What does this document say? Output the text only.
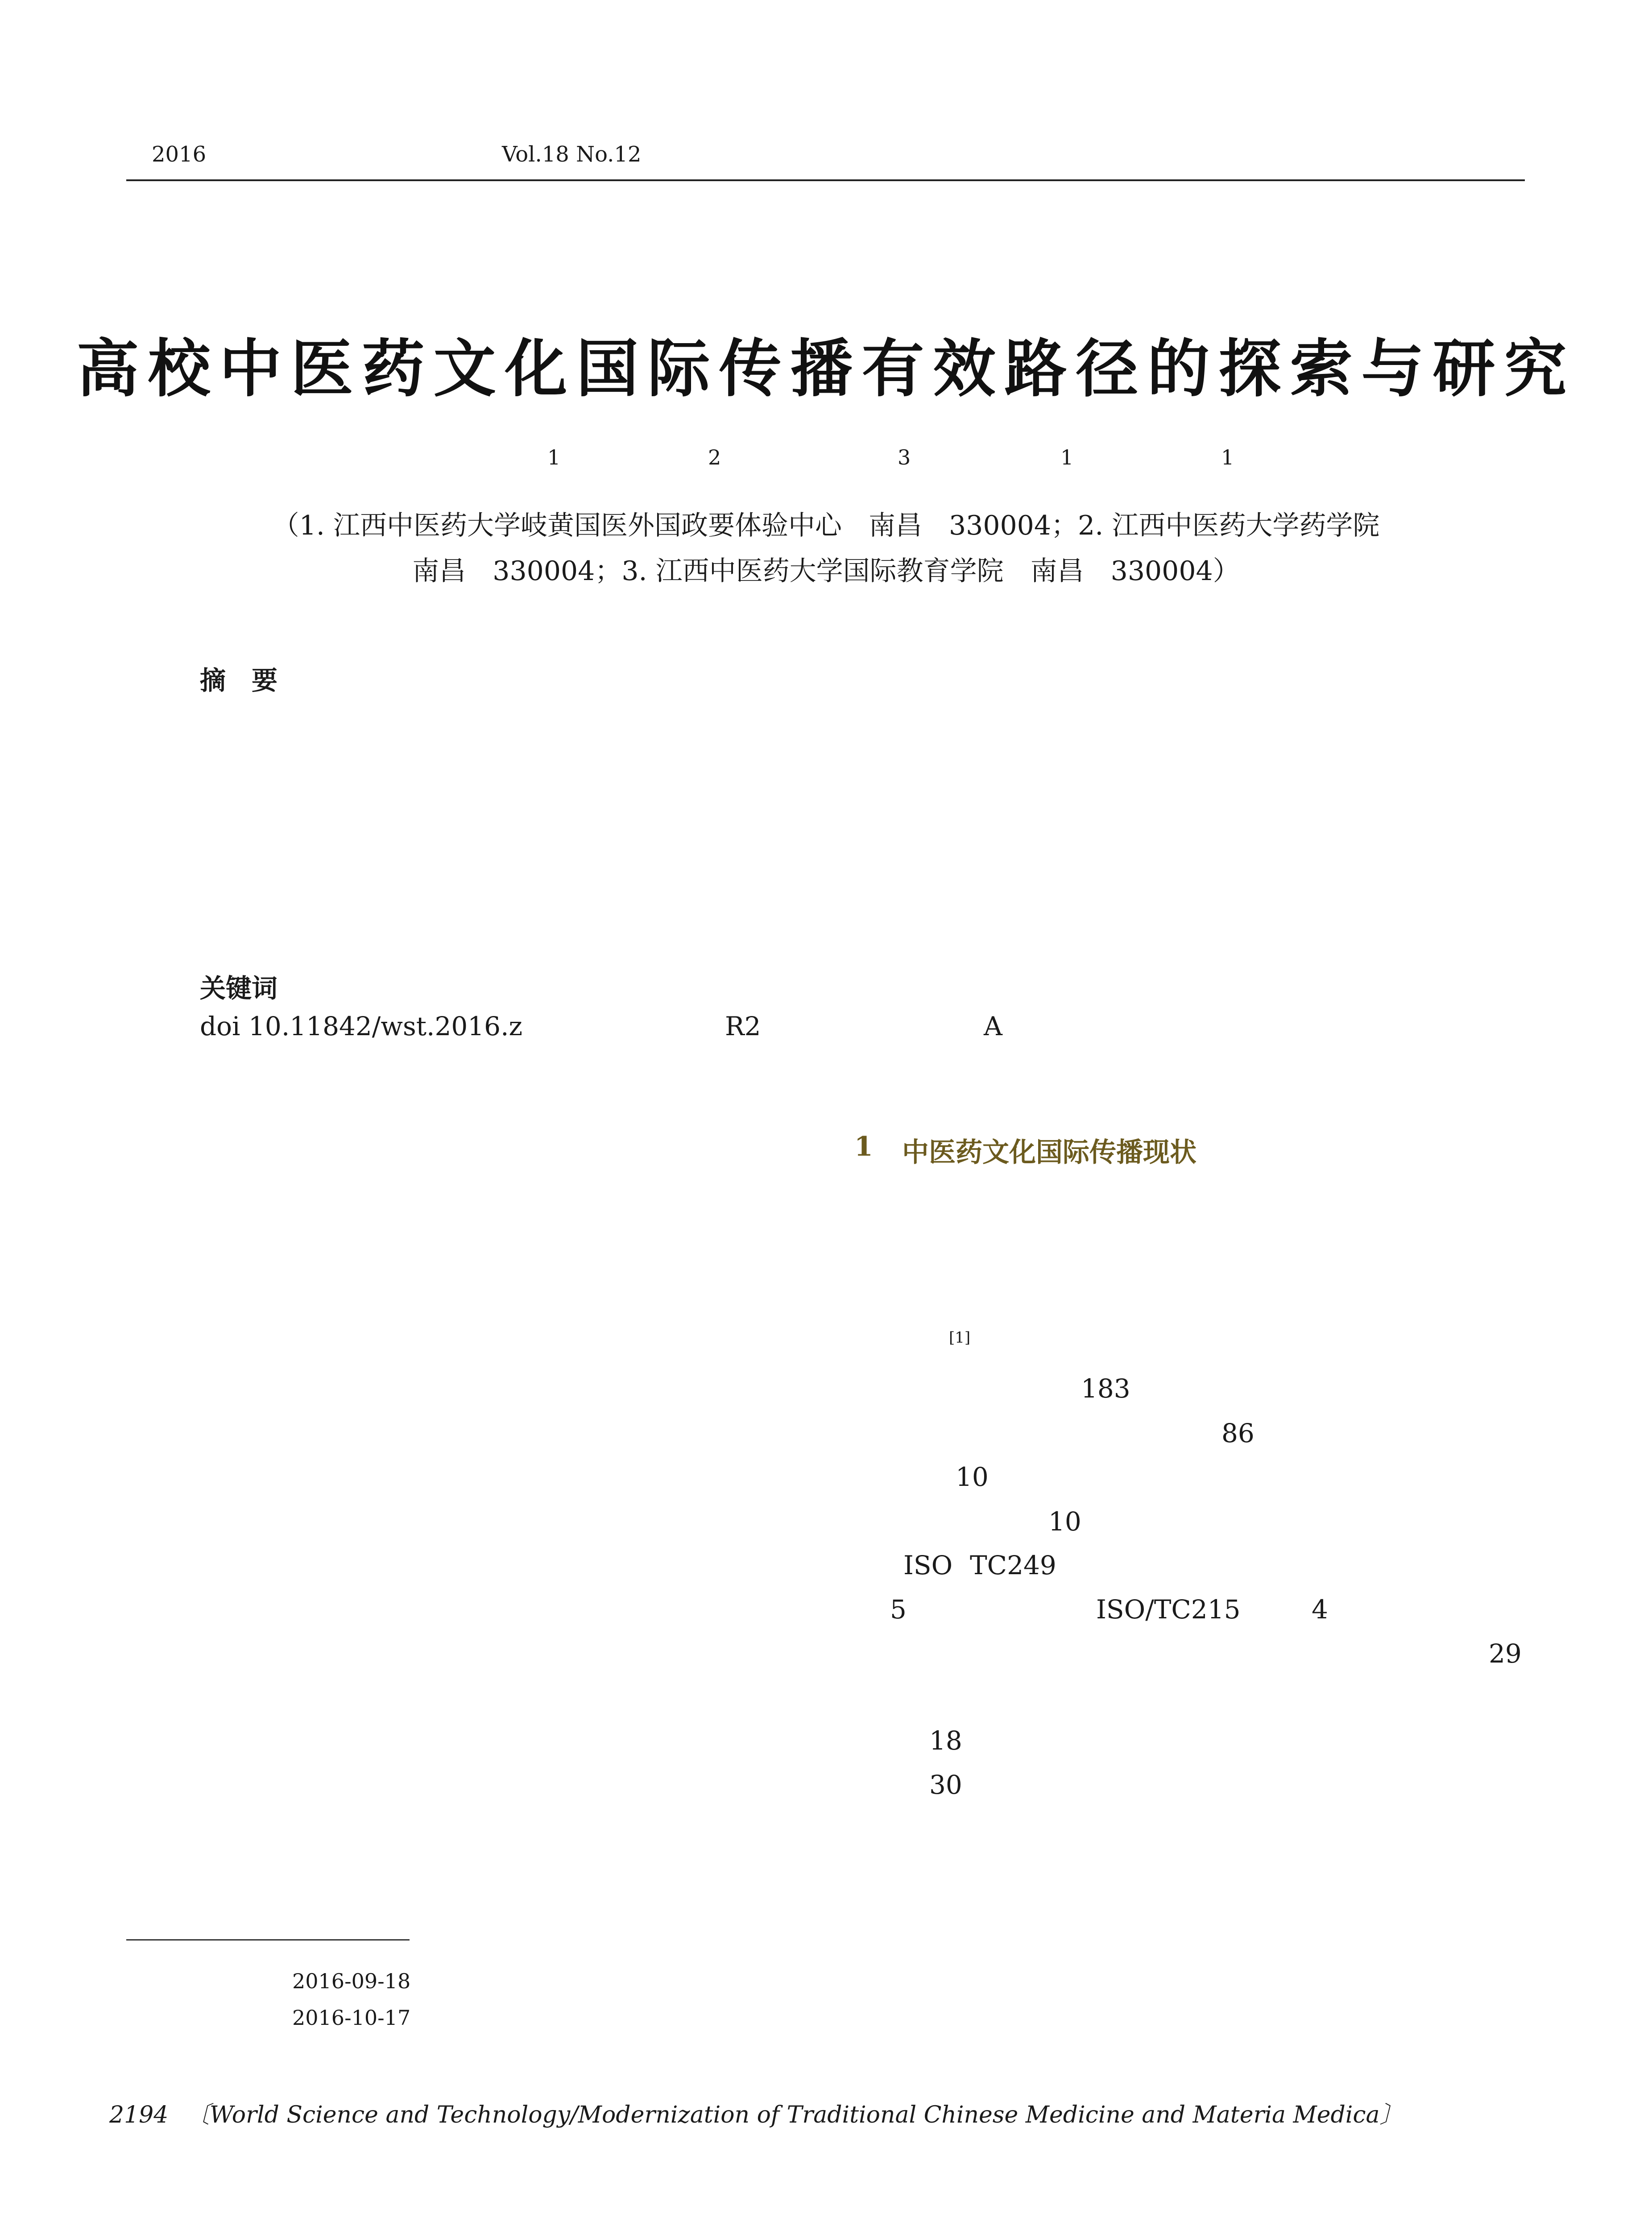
2016	Vol.18 No.12
高校中医药文化国际传播有效路径的探索与研究
1	2	3	1	1
（1. 江西中医药大学岐黄国医外国政要体验中心　南昌　330004；2. 江西中医药大学药学院
南昌　330004；3. 江西中医药大学国际教育学院　南昌　330004）
摘　要
关键词
doi 10.11842/wst.2016.z	R2	A
1 中医药文化国际传播现状
[1]
183
86
10
10
ISO TC249
5	ISO/TC215	4
29
18
30
2016-09-18
2016-10-17
2194 〔World Science and Technology/Modernization of Traditional Chinese Medicine and Materia Medica〕
